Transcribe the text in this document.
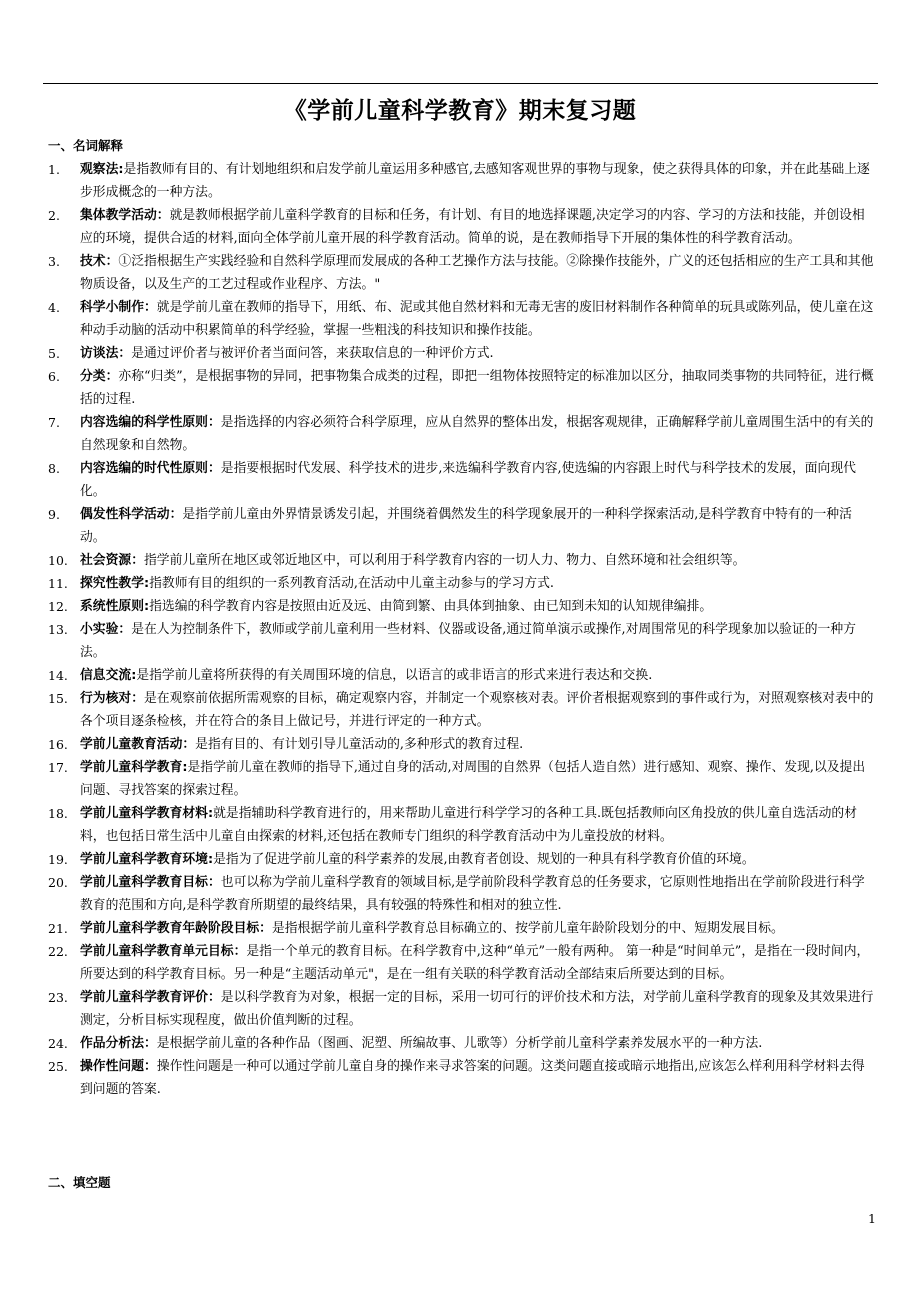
《学前儿童科学教育》期末复习题
一、名词解释
1. 观察法:是指教师有目的、有计划地组织和启发学前儿童运用多种感官,去感知客观世界的事物与现象，使之获得具体的印象，并在此基础上逐步形成概念的一种方法。
2. 集体教学活动：就是教师根据学前儿童科学教育的目标和任务，有计划、有目的地选择课题,决定学习的内容、学习的方法和技能，并创设相应的环境，提供合适的材料,面向全体学前儿童开展的科学教育活动。简单的说，是在教师指导下开展的集体性的科学教育活动。
3. 技术：①泛指根据生产实践经验和自然科学原理而发展成的各种工艺操作方法与技能。②除操作技能外，广义的还包括相应的生产工具和其他物质设备，以及生产的工艺过程或作业程序、方法。"
4. 科学小制作：就是学前儿童在教师的指导下，用纸、布、泥或其他自然材料和无毒无害的废旧材料制作各种简单的玩具或陈列品，使儿童在这种动手动脑的活动中积累简单的科学经验，掌握一些粗浅的科技知识和操作技能。
5. 访谈法：是通过评价者与被评价者当面问答，来获取信息的一种评价方式.
6. 分类：亦称“归类”，是根据事物的异同，把事物集合成类的过程，即把一组物体按照特定的标准加以区分，抽取同类事物的共同特征，进行概括的过程.
7. 内容选编的科学性原则：是指选择的内容必须符合科学原理，应从自然界的整体出发，根据客观规律，正确解释学前儿童周围生活中的有关的自然现象和自然物。
8. 内容选编的时代性原则：是指要根据时代发展、科学技术的进步,来选编科学教育内容,使选编的内容跟上时代与科学技术的发展，面向现代化。
9. 偶发性科学活动：是指学前儿童由外界情景诱发引起，并围绕着偶然发生的科学现象展开的一种科学探索活动,是科学教育中特有的一种活动。
10. 社会资源：指学前儿童所在地区或邻近地区中，可以利用于科学教育内容的一切人力、物力、自然环境和社会组织等。
11. 探究性教学:指教师有目的组织的一系列教育活动,在活动中儿童主动参与的学习方式.
12. 系统性原则:指选编的科学教育内容是按照由近及远、由简到繁、由具体到抽象、由已知到未知的认知规律编排。
13. 小实验：是在人为控制条件下，教师或学前儿童利用一些材料、仪器或设备,通过简单演示或操作,对周围常见的科学现象加以验证的一种方法。
14. 信息交流:是指学前儿童将所获得的有关周围环境的信息，以语言的或非语言的形式来进行表达和交换.
15. 行为核对：是在观察前依据所需观察的目标，确定观察内容，并制定一个观察核对表。评价者根据观察到的事件或行为，对照观察核对表中的各个项目逐条检核，并在符合的条目上做记号，并进行评定的一种方式。
16. 学前儿童教育活动：是指有目的、有计划引导儿童活动的,多种形式的教育过程.
17. 学前儿童科学教育:是指学前儿童在教师的指导下,通过自身的活动,对周围的自然界（包括人造自然）进行感知、观察、操作、发现,以及提出问题、寻找答案的探索过程。
18. 学前儿童科学教育材料:就是指辅助科学教育进行的，用来帮助儿童进行科学学习的各种工具.既包括教师向区角投放的供儿童自选活动的材料，也包括日常生活中儿童自由探索的材料,还包括在教师专门组织的科学教育活动中为儿童投放的材料。
19. 学前儿童科学教育环境:是指为了促进学前儿童的科学素养的发展,由教育者创设、规划的一种具有科学教育价值的环境。
20. 学前儿童科学教育目标：也可以称为学前儿童科学教育的领域目标,是学前阶段科学教育总的任务要求，它原则性地指出在学前阶段进行科学教育的范围和方向,是科学教育所期望的最终结果，具有较强的特殊性和相对的独立性.
21. 学前儿童科学教育年龄阶段目标：是指根据学前儿童科学教育总目标确立的、按学前儿童年龄阶段划分的中、短期发展目标。
22. 学前儿童科学教育单元目标：是指一个单元的教育目标。在科学教育中,这种“单元”一般有两种。 第一种是“时间单元”，是指在一段时间内，所要达到的科学教育目标。另一种是“主题活动单元"，是在一组有关联的科学教育活动全部结束后所要达到的目标。
23. 学前儿童科学教育评价：是以科学教育为对象，根据一定的目标，采用一切可行的评价技术和方法，对学前儿童科学教育的现象及其效果进行测定，分析目标实现程度，做出价值判断的过程。
24. 作品分析法：是根据学前儿童的各种作品（图画、泥塑、所编故事、儿歌等）分析学前儿童科学素养发展水平的一种方法.
25. 操作性问题：操作性问题是一种可以通过学前儿童自身的操作来寻求答案的问题。这类问题直接或暗示地指出,应该怎么样利用科学材料去得到问题的答案.
二、填空题
1
